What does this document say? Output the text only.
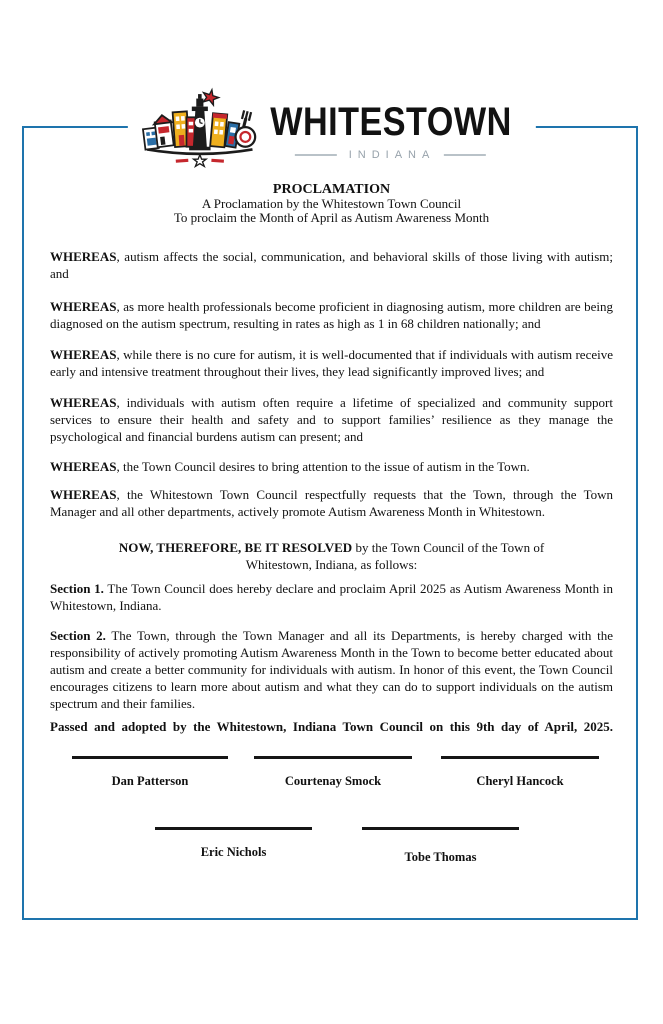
WHITESTOWN
INDIANA
PROCLAMATION
A Proclamation by the Whitestown Town Council
To proclaim the Month of April as Autism Awareness Month

WHEREAS, autism affects the social, communication, and behavioral skills of those living with autism; and

WHEREAS, as more health professionals become proficient in diagnosing autism, more children are being diagnosed on the autism spectrum, resulting in rates as high as 1 in 68 children nationally; and

WHEREAS, while there is no cure for autism, it is well-documented that if individuals with autism receive early and intensive treatment throughout their lives, they lead significantly improved lives; and

WHEREAS, individuals with autism often require a lifetime of specialized and community support services to ensure their health and safety and to support families’ resilience as they manage the psychological and financial burdens autism can present; and

WHEREAS, the Town Council desires to bring attention to the issue of autism in the Town.

WHEREAS, the Whitestown Town Council respectfully requests that the Town, through the Town Manager and all other departments, actively promote Autism Awareness Month in Whitestown.

NOW, THEREFORE, BE IT RESOLVED by the Town Council of the Town of
Whitestown, Indiana, as follows:

Section 1. The Town Council does hereby declare and proclaim April 2025 as Autism Awareness Month in Whitestown, Indiana.

Section 2. The Town, through the Town Manager and all its Departments, is hereby charged with the responsibility of actively promoting Autism Awareness Month in the Town to become better educated about autism and create a better community for individuals with autism. In honor of this event, the Town Council encourages citizens to learn more about autism and what they can do to support individuals on the autism spectrum and their families.

Passed and adopted by the Whitestown, Indiana Town Council on this 9th day of April, 2025.

Dan Patterson	Courtenay Smock	Cheryl Hancock
Eric Nichols	Tobe Thomas
